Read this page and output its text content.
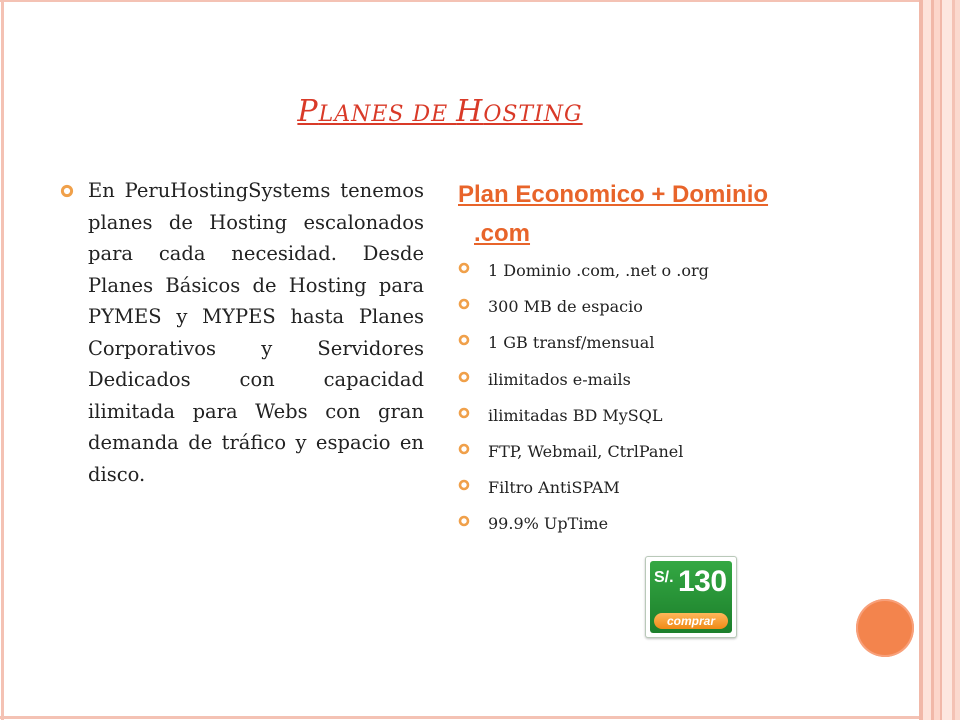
PLANES DE HOSTING
En PeruHostingSystems tenemos planes de Hosting escalonados para cada necesidad. Desde Planes Básicos de Hosting para PYMES y MYPES hasta Planes Corporativos y Servidores Dedicados con capacidad ilimitada para Webs con gran demanda de tráfico y espacio en disco.
Plan Economico + Dominio
.com
1 Dominio .com, .net o .org
300 MB de espacio
1 GB transf/mensual
ilimitados e-mails
ilimitadas BD MySQL
FTP, Webmail, CtrlPanel
Filtro AntiSPAM
99.9% UpTime
S/. 130
comprar
